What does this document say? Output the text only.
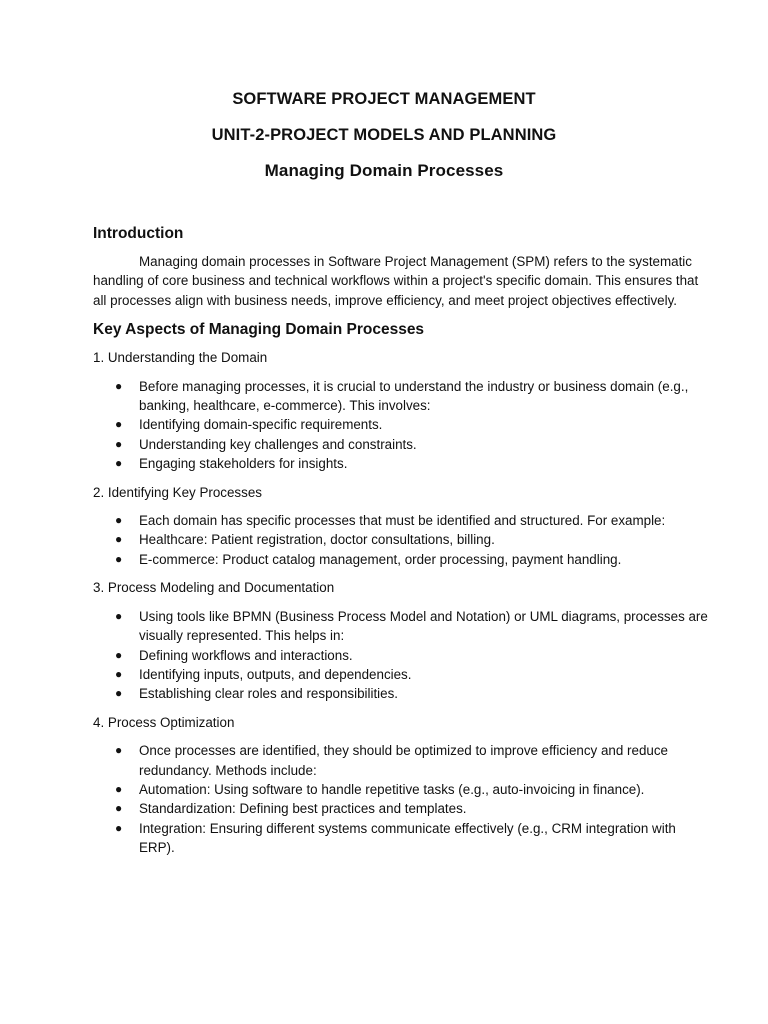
SOFTWARE PROJECT MANAGEMENT
UNIT-2-PROJECT MODELS AND PLANNING
Managing Domain Processes
Introduction

Managing domain processes in Software Project Management (SPM) refers to the systematic handling of core business and technical workflows within a project's specific domain. This ensures that all processes align with business needs, improve efficiency, and meet project objectives effectively.

Key Aspects of Managing Domain Processes

1. Understanding the Domain

● Before managing processes, it is crucial to understand the industry or business domain (e.g., banking, healthcare, e-commerce). This involves:
● Identifying domain-specific requirements.
● Understanding key challenges and constraints.
● Engaging stakeholders for insights.

2. Identifying Key Processes

● Each domain has specific processes that must be identified and structured. For example:
● Healthcare: Patient registration, doctor consultations, billing.
● E-commerce: Product catalog management, order processing, payment handling.

3. Process Modeling and Documentation

● Using tools like BPMN (Business Process Model and Notation) or UML diagrams, processes are visually represented. This helps in:
● Defining workflows and interactions.
● Identifying inputs, outputs, and dependencies.
● Establishing clear roles and responsibilities.

4. Process Optimization

● Once processes are identified, they should be optimized to improve efficiency and reduce redundancy. Methods include:
● Automation: Using software to handle repetitive tasks (e.g., auto-invoicing in finance).
● Standardization: Defining best practices and templates.
● Integration: Ensuring different systems communicate effectively (e.g., CRM integration with ERP).
